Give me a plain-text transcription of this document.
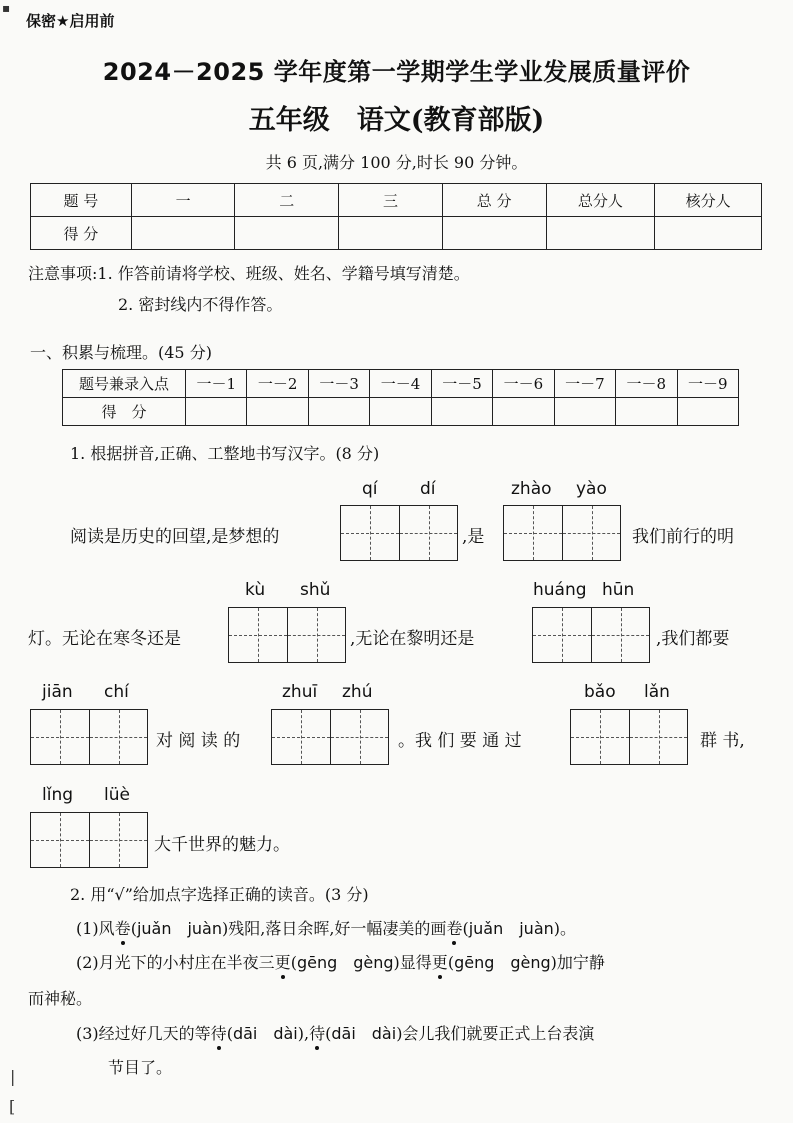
▪
保密★启用前
2024－2025 学年度第一学期学生学业发展质量评价
五年级　语文(教育部版)
共 6 页,满分 100 分,时长 90 分钟。
题 号	一	二	三	总 分	总分人	核分人
得 分						
注意事项:1. 作答前请将学校、班级、姓名、学籍号填写清楚。
2. 密封线内不得作答。
一、积累与梳理。(45 分)
题号兼录入点	一－1	一－2	一－3	一－4	一－5	一－6	一－7	一－8	一－9
得　分									
1. 根据拼音,正确、工整地书写汉字。(8 分)
qí dí	zhào yào
阅读是历史的回望,是梦想的	,是	我们前行的明
kù shǔ	huáng hūn
灯。无论在寒冬还是	,无论在黎明还是	,我们都要
jiān chí	zhuī zhú	bǎo lǎn
对 阅 读 的	。我 们 要 通 过	群 书,
lǐng lüè
大千世界的魅力。
2. 用“√”给加点字选择正确的读音。(3 分)
(1)风卷(juǎn　juàn)残阳,落日余晖,好一幅凄美的画卷(juǎn　juàn)。
(2)月光下的小村庄在半夜三更(gēng　gèng)显得更(gēng　gèng)加宁静
而神秘。
(3)经过好几天的等待(dāi　dài),待(dāi　dài)会儿我们就要正式上台表演
节目了。
|
[
